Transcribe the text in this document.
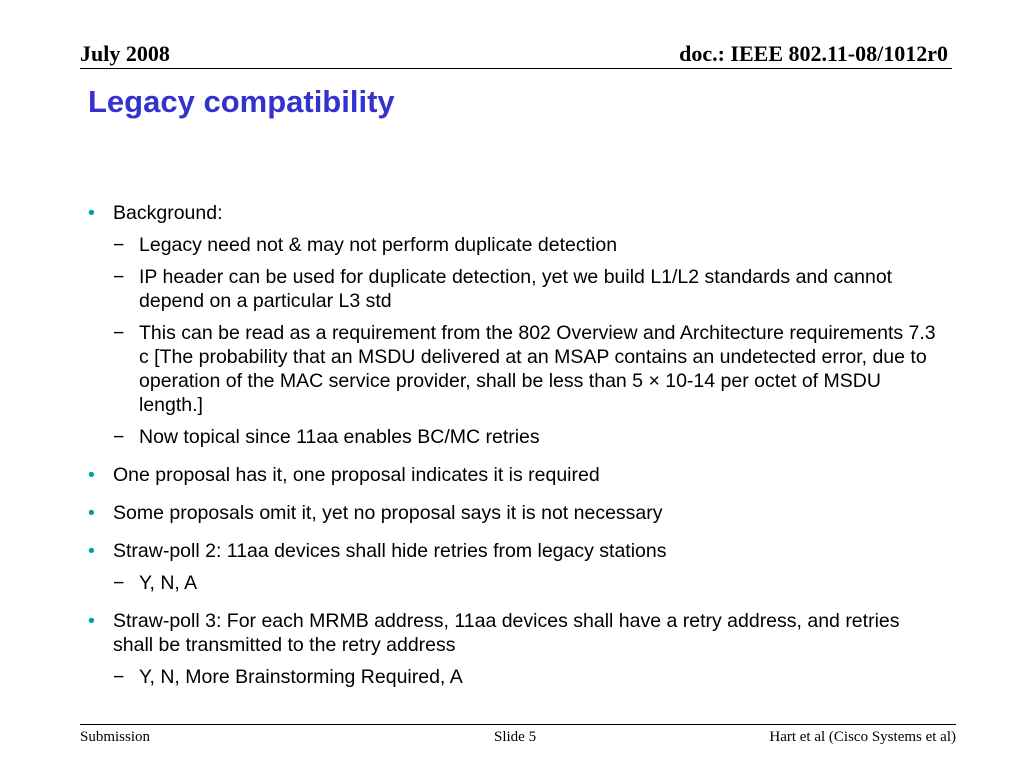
July 2008	doc.: IEEE 802.11-08/1012r0
Legacy compatibility
• Background:
− Legacy need not & may not perform duplicate detection
− IP header can be used for duplicate detection, yet we build L1/L2 standards and cannot depend on a particular L3 std
− This can be read as a requirement from the 802 Overview and Architecture requirements 7.3 c [The probability that an MSDU delivered at an MSAP contains an undetected error, due to operation of the MAC service provider, shall be less than 5 × 10-14 per octet of MSDU length.]
− Now topical since 11aa enables BC/MC retries
• One proposal has it, one proposal indicates it is required
• Some proposals omit it, yet no proposal says it is not necessary
• Straw-poll 2: 11aa devices shall hide retries from legacy stations
− Y, N, A
• Straw-poll 3: For each MRMB address, 11aa devices shall have a retry address, and retries shall be transmitted to the retry address
− Y, N, More Brainstorming Required, A
Submission	Slide 5	Hart et al (Cisco Systems et al)
